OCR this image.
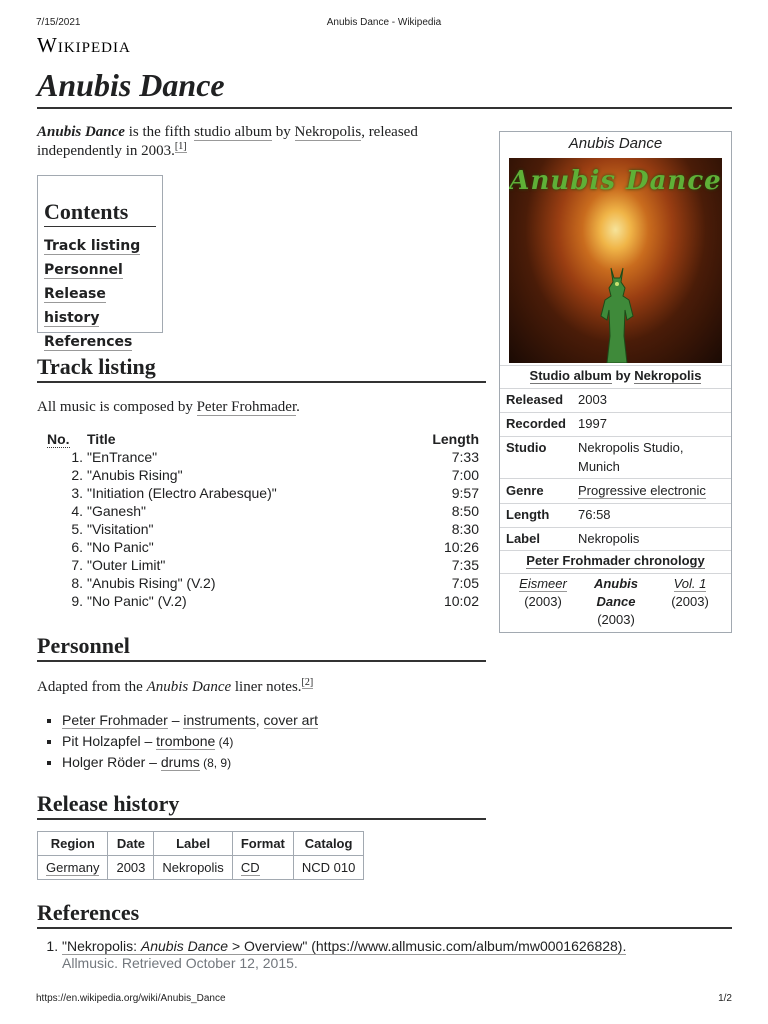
7/15/2021	Anubis Dance - Wikipedia
Wikipedia
Anubis Dance

Anubis Dance is the fifth studio album by Nekropolis, released independently in 2003.[1]

Contents
Track listing
Personnel
Release history
References
Track listing

All music is composed by Peter Frohmader.

No.	Title	Length
1.	"EnTrance"	7:33
2.	"Anubis Rising"	7:00
3.	"Initiation (Electro Arabesque)"	9:57
4.	"Ganesh"	8:50
5.	"Visitation"	8:30
6.	"No Panic"	10:26
7.	"Outer Limit"	7:35
8.	"Anubis Rising" (V.2)	7:05
9.	"No Panic" (V.2)	10:02
Personnel

Adapted from the Anubis Dance liner notes.[2]

▪ Peter Frohmader – instruments, cover art
▪ Pit Holzapfel – trombone (4)
▪ Holger Röder – drums (8, 9)
Release history
Region	Date	Label	Format	Catalog
Germany	2003	Nekropolis	CD	NCD 010
References
1. "Nekropolis: Anubis Dance > Overview" (https://www.allmusic.com/album/mw0001626828).
Allmusic. Retrieved October 12, 2015.
Anubis Dance
Anubis Dance
Studio album by Nekropolis
Released 2003
Recorded 1997
Studio Nekropolis Studio, Munich
Genre	Progressive electronic
Length 76:58
Label	Nekropolis
Peter Frohmader chronology
Eismeer
(2003)
Anubis Dance
(2003)
Vol. 1
(2003)
https://en.wikipedia.org/wiki/Anubis_Dance	1/2
